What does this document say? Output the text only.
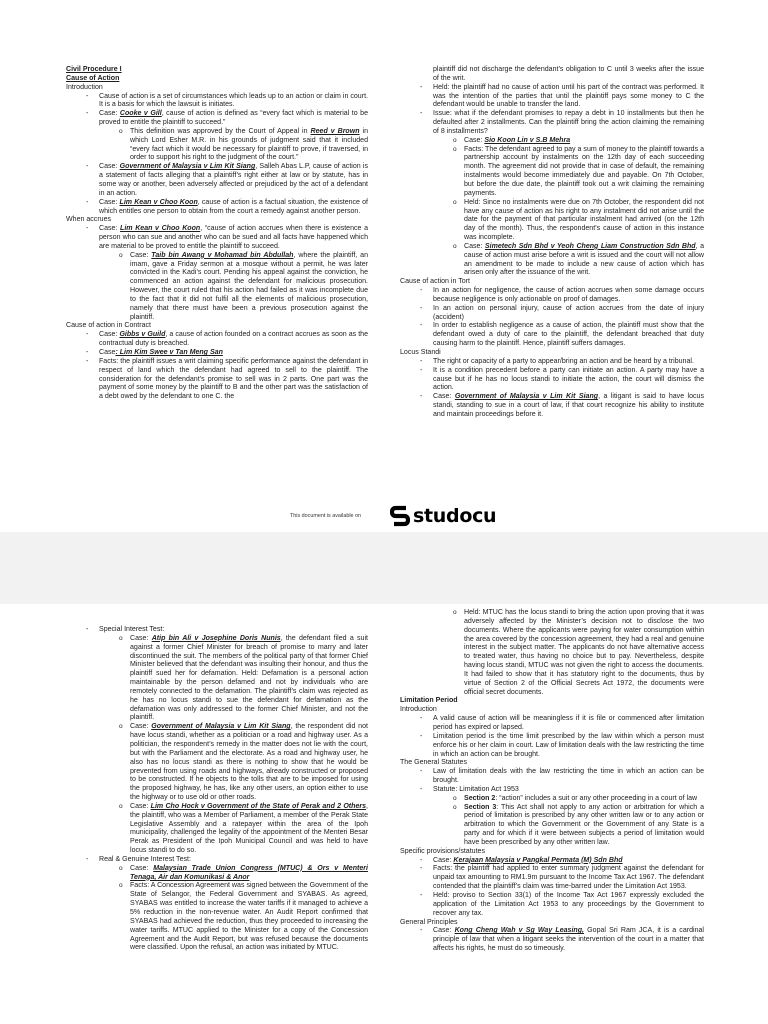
Civil Procedure I
Cause of Action
Introduction
- Cause of action is a set of circumstances which leads up to an action or claim in court. It is a basis for which the lawsuit is initiates.
- Case: Cooke v Gill, cause of action is defined as “every fact which is material to be proved to entitle the plaintiff to succeed.”
o This definition was approved by the Court of Appeal in Reed v Brown in which Lord Esher M.R. in his grounds of judgment said that it included “every fact which it would be necessary for plaintiff to prove, if traversed, in order to support his right to the judgment of the court.”
- Case: Government of Malaysia v Lim Kit Siang, Salleh Abas L.P, cause of action is a statement of facts alleging that a plaintiff’s right either at law or by statute, has in some way or another, been adversely affected or prejudiced by the act of a defendant in an action.
- Case: Lim Kean v Choo Koon, cause of action is a factual situation, the existence of which entitles one person to obtain from the court a remedy against another person.
When accrues
- Case: Lim Kean v Choo Koon, “cause of action accrues when there is existence a person who can sue and another who can be sued and all facts have happened which are material to be proved to entitle the plaintiff to succeed.
o Case: Taib bin Awang v Mohamad bin Abdullah, where the plaintiff, an imam, gave a Friday sermon at a mosque without a permit, he was later convicted in the Kadi’s court. Pending his appeal against the conviction, he commenced an action against the defendant for malicious prosecution. However, the court ruled that his action had failed as it was incomplete due to the fact that it did not fulfil all the elements of malicious prosecution, namely that there must have been a previous prosecution against the plaintiff.
Cause of action in Contract
- Case: Gibbs v Guild, a cause of action founded on a contract accrues as soon as the contractual duty is breached.
- Case: Lim Kim Swee v Tan Meng San
- Facts: the plaintiff issues a writ claiming specific performance against the defendant in respect of land which the defendant had agreed to sell to the plaintiff. The consideration for the defendant’s promise to sell was in 2 parts. One part was the payment of some money by the plaintiff to B and the other part was the satisfaction of a debt owed by the defendant to one C. the
plaintiff did not discharge the defendant’s obligation to C until 3 weeks after the issue of the writ.
- Held: the plaintiff had no cause of action until his part of the contract was performed. It was the intention of the parties that until the plaintiff pays some money to C the defendant would be unable to transfer the land.
- Issue: what if the defendant promises to repay a debt in 10 installments but then he defaulted after 2 installments. Can the plaintiff bring the action claiming the remaining of 8 installments?
o Case: Sio Koon Lin v S.B Mehra
o Facts: The defendant agreed to pay a sum of money to the plaintiff towards a partnership account by instalments on the 12th day of each succeeding month. The agreement did not provide that in case of default, the remaining instalments would become immediately due and payable. On 7th October, but before the due date, the plaintiff took out a writ claiming the remaining payments.
o Held: Since no instalments were due on 7th October, the respondent did not have any cause of action as his right to any instalment did not arise until the date for the payment of that particular instalment had arrived (on the 12th day of the month). Thus, the respondent’s cause of action in this instance was incomplete.
o Case: Simetech Sdn Bhd v Yeoh Cheng Liam Construction Sdn Bhd, a cause of action must arise before a writ is issued and the court will not allow an amendment to be made to include a new cause of action which has arisen only after the issuance of the writ.
Cause of action in Tort
- In an action for negligence, the cause of action accrues when some damage occurs because negligence is only actionable on proof of damages.
- In an action on personal injury, cause of action accrues from the date of injury (accident)
- In order to establish negligence as a cause of action, the plaintiff must show that the defendant owed a duty of care to the plaintiff, the defendant breached that duty causing harm to the plaintiff. Hence, plaintiff suffers damages.
Locus Standi
- The right or capacity of a party to appear/bring an action and be heard by a tribunal.
- It is a condition precedent before a party can initiate an action. A party may have a cause but if he has no locus standi to initiate the action, the court will dismiss the action.
- Case: Government of Malaysia v Lim Kit Siang, a litigant is said to have locus standi, standing to sue in a court of law, if that court recognize his ability to institute and maintain proceedings before it.
This document is available on	studocu
- Special Interest Test:
o Case: Atip bin Ali v Josephine Doris Nunis, the defendant filed a suit against a former Chief Minister for breach of promise to marry and later discontinued the suit. The members of the political party of that former Chief Minister believed that the defendant was insulting their honour, and thus the plaintiff sued her for defamation. Held: Defamation is a personal action maintainable by the person defamed and not by individuals who are remotely connected to the defamation. The plaintiff’s claim was rejected as he has no locus standi to sue the defendant for defamation as the defamation was only addressed to the former Chief Minister, and not the plaintiff.
o Case: Government of Malaysia v Lim Kit Siang, the respondent did not have locus standi, whether as a politician or a road and highway user. As a politician, the respondent’s remedy in the matter does not lie with the court, but with the Parliament and the electorate. As a road and highway user, he also has no locus standi as there is nothing to show that he would be prevented from using roads and highways, already constructed or proposed to be constructed. If he objects to the tolls that are to be imposed for using the proposed highway, he has, like any other users, an option either to use the highway or to use old or other roads.
o Case: Lim Cho Hock v Government of the State of Perak and 2 Others, the plaintiff, who was a Member of Parliament, a member of the Perak State Legislative Assembly and a ratepayer within the area of the Ipoh municipality, challenged the legality of the appointment of the Menteri Besar Perak as President of the Ipoh Municipal Council and was held to have locus standi to do so.
- Real & Genuine Interest Test:
o Case: Malaysian Trade Union Congress (MTUC) & Ors v Menteri Tenaga, Air dan Komunikasi & Anor
o Facts: A Concession Agreement was signed between the Government of the State of Selangor, the Federal Government and SYABAS. As agreed, SYABAS was entitled to increase the water tariffs if it managed to achieve a 5% reduction in the non-revenue water. An Audit Report confirmed that SYABAS had achieved the reduction, thus they proceeded to increasing the water tariffs. MTUC applied to the Minister for a copy of the Concession Agreement and the Audit Report, but was refused because the documents were classified. Upon the refusal, an action was initiated by MTUC.
o Held: MTUC has the locus standi to bring the action upon proving that it was adversely affected by the Minister’s decision not to disclose the two documents. Where the applicants were paying for water consumption within the area covered by the concession agreement, they had a real and genuine interest in the subject matter. The applicants do not have alternative access to treated water, thus having no choice but to pay. Nevertheless, despite having locus standi, MTUC was not given the right to access the documents. It had failed to show that it has statutory right to the documents, thus by virtue of Section 2 of the Official Secrets Act 1972, the documents were official secret documents.
Limitation Period
Introduction
- A valid cause of action will be meaningless if it is file or commenced after limitation period has expired or lapsed.
- Limitation period is the time limit prescribed by the law within which a person must enforce his or her claim in court. Law of limitation deals with the law restricting the time in which an action can be brought.
The General Statutes
- Law of limitation deals with the law restricting the time in which an action can be brought.
- Statute: Limitation Act 1953
o Section 2: “action” includes a suit or any other proceeding in a court of law
o Section 3: This Act shall not apply to any action or arbitration for which a period of limitation is prescribed by any other written law or to any action or arbitration to which the Government or the Government of any State is a party and for which if it were between subjects a period of limitation would have been prescribed by any other written law.
Specific provisions/statutes
- Case: Kerajaan Malaysia v Pangkal Permata (M) Sdn Bhd
- Facts: the plaintiff had applied to enter summary judgment against the defendant for unpaid tax amounting to RM1.9m pursuant to the Income Tax Act 1967. The defendant contended that the plaintiff’s claim was time-barred under the Limitation Act 1953.
- Held: proviso to Section 33(1) of the Income Tax Act 1967 expressly excluded the application of the Limitation Act 1953 to any proceedings by the Government to recover any tax.
General Principles
- Case: Kong Cheng Wah v Sg Way Leasing, Gopal Sri Ram JCA, it is a cardinal principle of law that when a litigant seeks the intervention of the court in a matter that affects his rights, he must do so timeously.
